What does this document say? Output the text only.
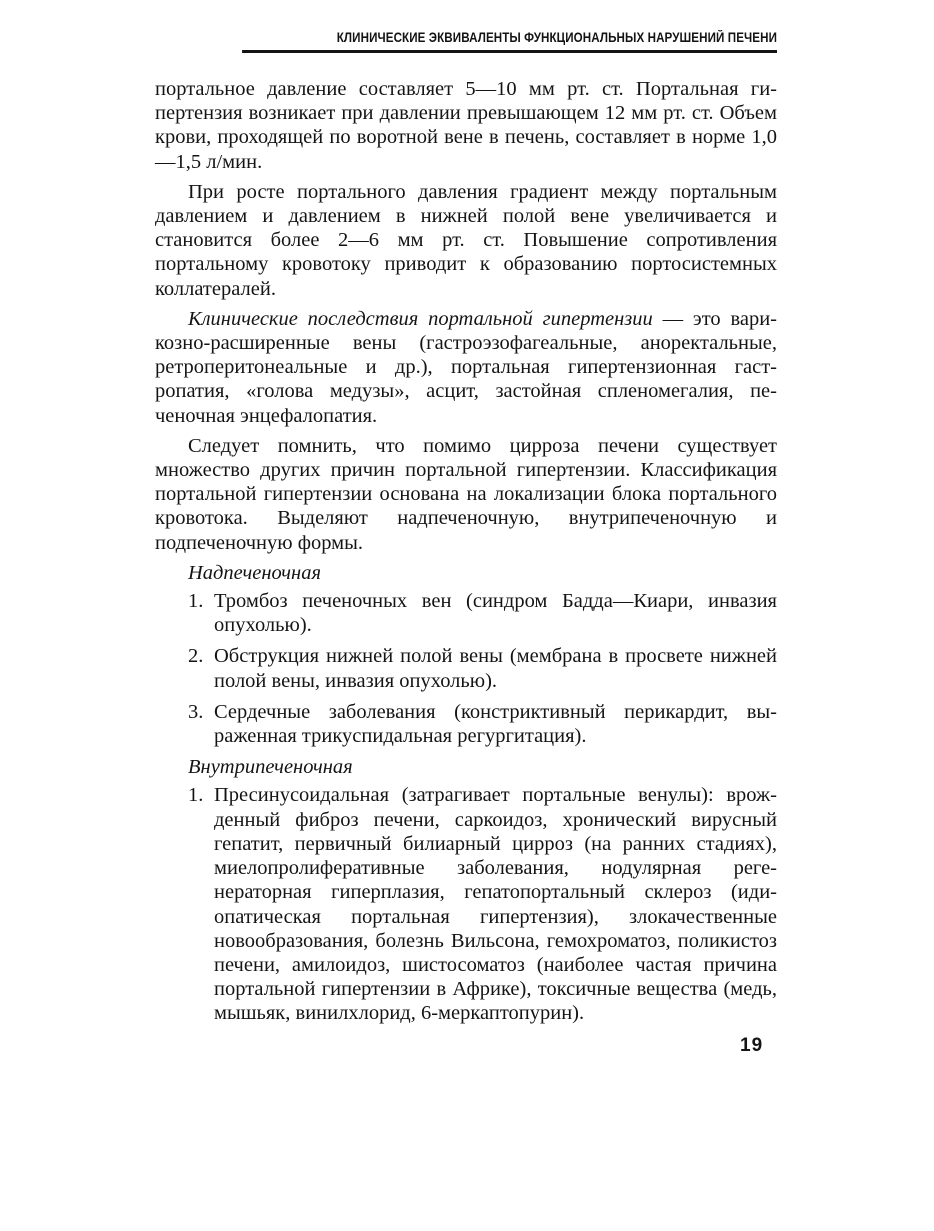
КЛИНИЧЕСКИЕ ЭКВИВАЛЕНТЫ ФУНКЦИОНАЛЬНЫХ НАРУШЕНИЙ ПЕЧЕНИ

портальное давление составляет 5—10 мм рт. ст. Портальная гипертензия возникает при давлении превышающем 12 мм рт. ст. Объем крови, проходящей по воротной вене в печень, составляет в норме 1,0—1,5 л/мин.

При росте портального давления градиент между портальным давлением и давлением в нижней полой вене увеличивается и становится более 2—6 мм рт. ст. Повышение сопротивления портальному кровотоку приводит к образованию портосистемных коллатералей.

Клинические последствия портальной гипертензии — это варикозно-расширенные вены (гастроэзофагеальные, аноректальные, ретроперитонеальные и др.), портальная гипертензионная гастропатия, «голова медузы», асцит, застойная спленомегалия, печеночная энцефалопатия.

Следует помнить, что помимо цирроза печени существует множество других причин портальной гипертензии. Классификация портальной гипертензии основана на локализации блока портального кровотока. Выделяют надпеченочную, внутрипеченочную и подпеченочную формы.

Надпеченочная
1. Тромбоз печеночных вен (синдром Бадда—Киари, инвазия опухолью).
2. Обструкция нижней полой вены (мембрана в просвете нижней полой вены, инвазия опухолью).
3. Сердечные заболевания (констриктивный перикардит, выраженная трикуспидальная регургитация).
Внутрипеченочная
1. Пресинусоидальная (затрагивает портальные венулы): врожденный фиброз печени, саркоидоз, хронический вирусный гепатит, первичный билиарный цирроз (на ранних стадиях), миелопролиферативные заболевания, нодулярная регенераторная гиперплазия, гепатопортальный склероз (идиопатическая портальная гипертензия), злокачественные новообразования, болезнь Вильсона, гемохроматоз, поликистоз печени, амилоидоз, шистосоматоз (наиболее частая причина портальной гипертензии в Африке), токсичные вещества (медь, мышьяк, винилхлорид, 6-меркаптопурин).
19
